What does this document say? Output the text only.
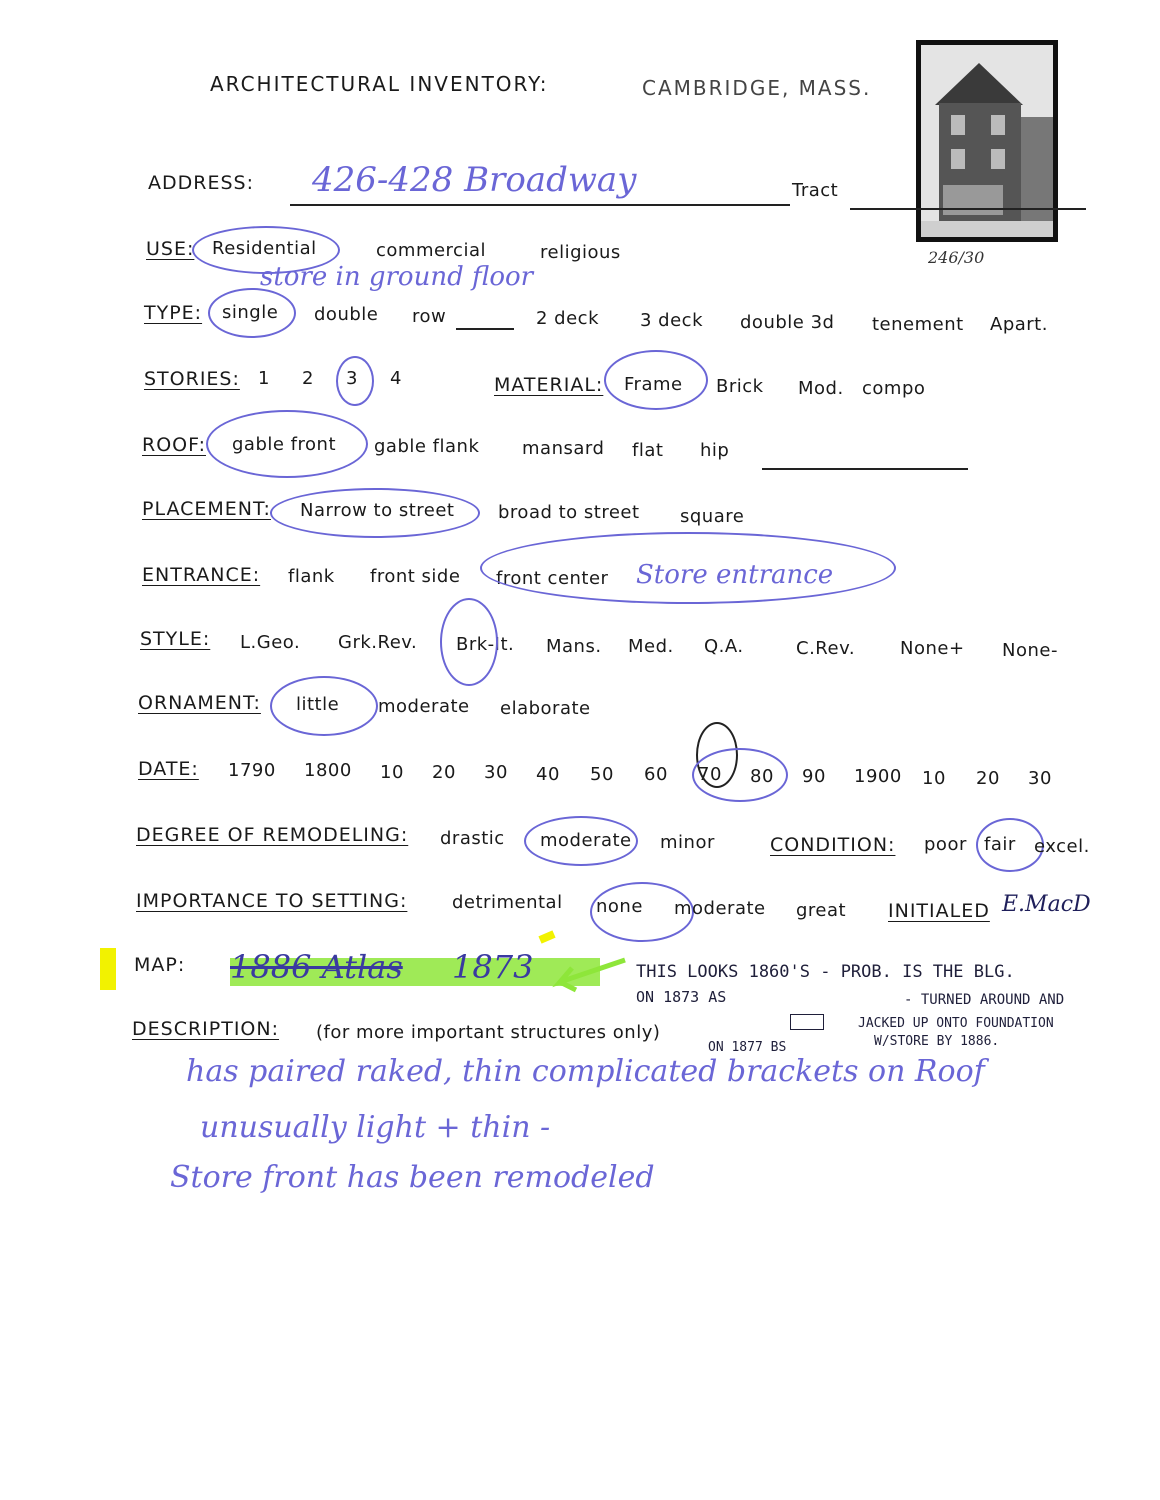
ARCHITECTURAL INVENTORY:	CAMBRIDGE, MASS.
246/30
ADDRESS: 426-428 Broadway	Tract
USE: Residential	commercial	religious
store in ground floor
TYPE: single double row	2 deck 3 deck double 3d tenement Apart.
STORIES: 1 2 3 4	MATERIAL: Frame Brick Mod. compo
ROOF: gable front gable flank mansard flat hip
PLACEMENT: Narrow to street broad to street square
ENTRANCE: flank front side front center Store entrance
STYLE: L.Geo. Grk.Rev. Brk-It. Mans. Med. Q.A.	C.Rev. None+ None-
ORNAMENT: little moderate elaborate
DATE: 1790 1800 10 20 30 40 50 60 70 80 90 1900 10 20 30
DEGREE OF REMODELING: drastic moderate minor	CONDITION: poor fair excel.
IMPORTANCE TO SETTING: detrimental none moderate great INITIALED E.MacD
MAP: 1886 Atlas 1873	THIS LOOKS 1860'S - PROB. IS THE BLG.
ON 1873 AS	- TURNED AROUND AND
JACKED UP ONTO FOUNDATION
W/STORE BY 1886.
ON 1877 BS
DESCRIPTION: (for more important structures only)
has paired raked, thin complicated brackets on Roof
unusually light + thin -
Store front has been remodeled
